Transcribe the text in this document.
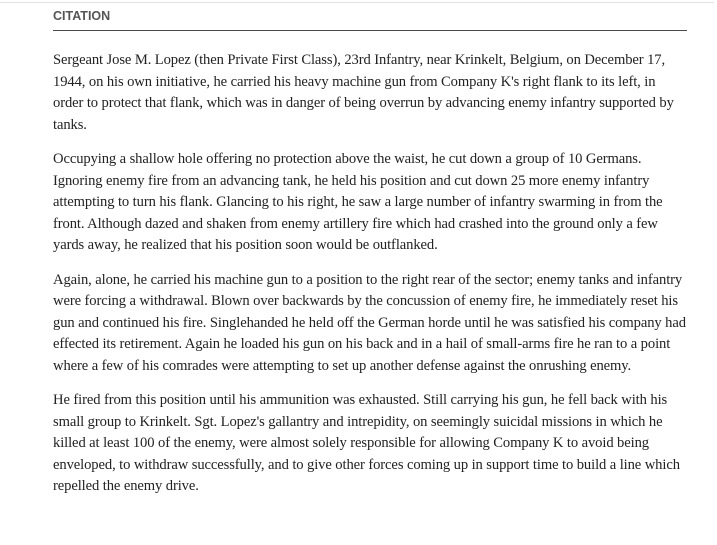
CITATION

Sergeant Jose M. Lopez (then Private First Class), 23rd Infantry, near Krinkelt, Belgium, on December 17, 1944, on his own initiative, he carried his heavy machine gun from Company K's right flank to its left, in order to protect that flank, which was in danger of being overrun by advancing enemy infantry supported by tanks.

Occupying a shallow hole offering no protection above the waist, he cut down a group of 10 Germans. Ignoring enemy fire from an advancing tank, he held his position and cut down 25 more enemy infantry attempting to turn his flank. Glancing to his right, he saw a large number of infantry swarming in from the front. Although dazed and shaken from enemy artillery fire which had crashed into the ground only a few yards away, he realized that his position soon would be outflanked.

Again, alone, he carried his machine gun to a position to the right rear of the sector; enemy tanks and infantry were forcing a withdrawal. Blown over backwards by the concussion of enemy fire, he immediately reset his gun and continued his fire. Singlehanded he held off the German horde until he was satisfied his company had effected its retirement. Again he loaded his gun on his back and in a hail of small-arms fire he ran to a point where a few of his comrades were attempting to set up another defense against the onrushing enemy.

He fired from this position until his ammunition was exhausted. Still carrying his gun, he fell back with his small group to Krinkelt. Sgt. Lopez's gallantry and intrepidity, on seemingly suicidal missions in which he killed at least 100 of the enemy, were almost solely responsible for allowing Company K to avoid being enveloped, to withdraw successfully, and to give other forces coming up in support time to build a line which repelled the enemy drive.
